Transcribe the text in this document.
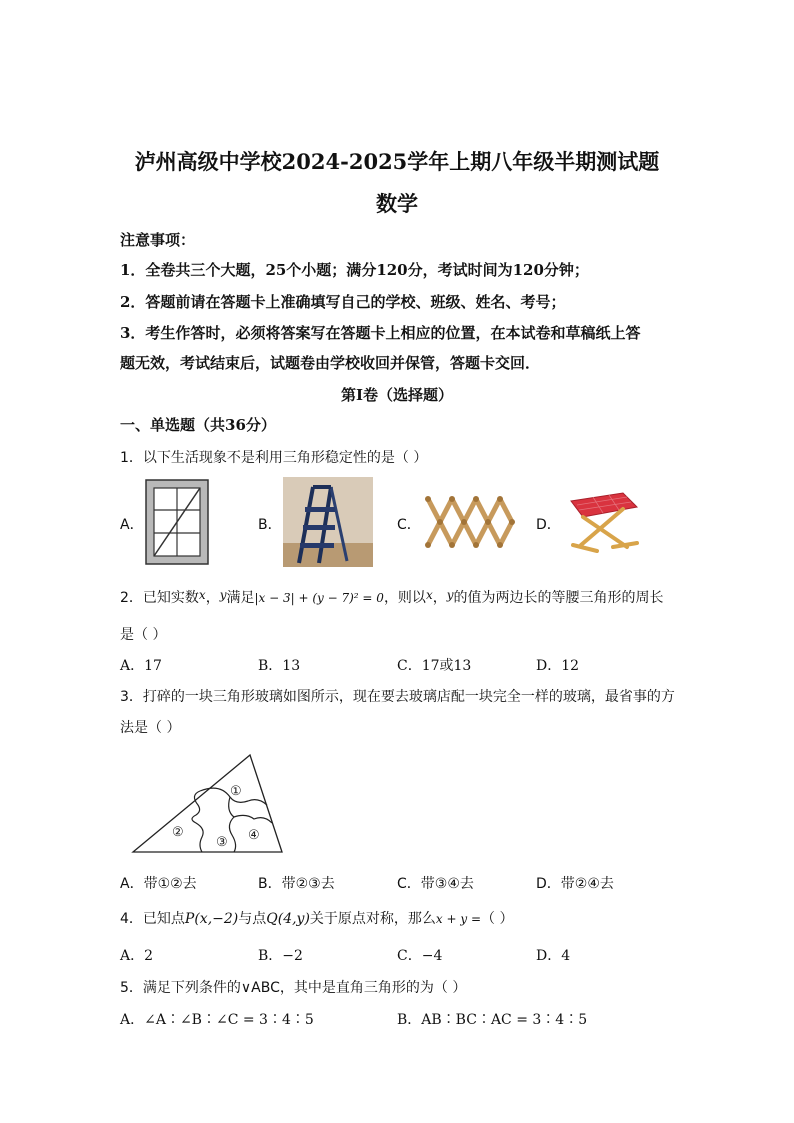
泸州高级中学校2024-2025学年上期八年级半期测试题
数学
注意事项：
1．全卷共三个大题，25个小题；满分120分，考试时间为120分钟；
2．答题前请在答题卡上准确填写自己的学校、班级、姓名、考号；
3．考生作答时，必须将答案写在答题卡上相应的位置，在本试卷和草稿纸上答
题无效，考试结束后，试题卷由学校收回并保管，答题卡交回．
第Ⅰ卷（选择题）
一、单选题（共36分）
1．以下生活现象不是利用三角形稳定性的是（ ）
A．	B．	C．	D．
2．已知实数x，y满足|x − 3| + (y − 7)² = 0，则以x，y的值为两边长的等腰三角形的周长
是（ ）
A．17	B．13	C．17或13	D．12
3．打碎的一块三角形玻璃如图所示，现在要去玻璃店配一块完全一样的玻璃，最省事的方
法是（ ）
①
②
③ ④
A．带①②去	B．带②③去	C．带③④去	D．带②④去
4．已知点P(x,−2)与点Q(4,y)关于原点对称，那么x + y =（ ）
A．2	B．−2	C．−4	D．4
5．满足下列条件的∨ABC，其中是直角三角形的为（ ）
A．∠A∶∠B∶∠C = 3∶4∶5	B．AB∶BC∶AC = 3∶4∶5
